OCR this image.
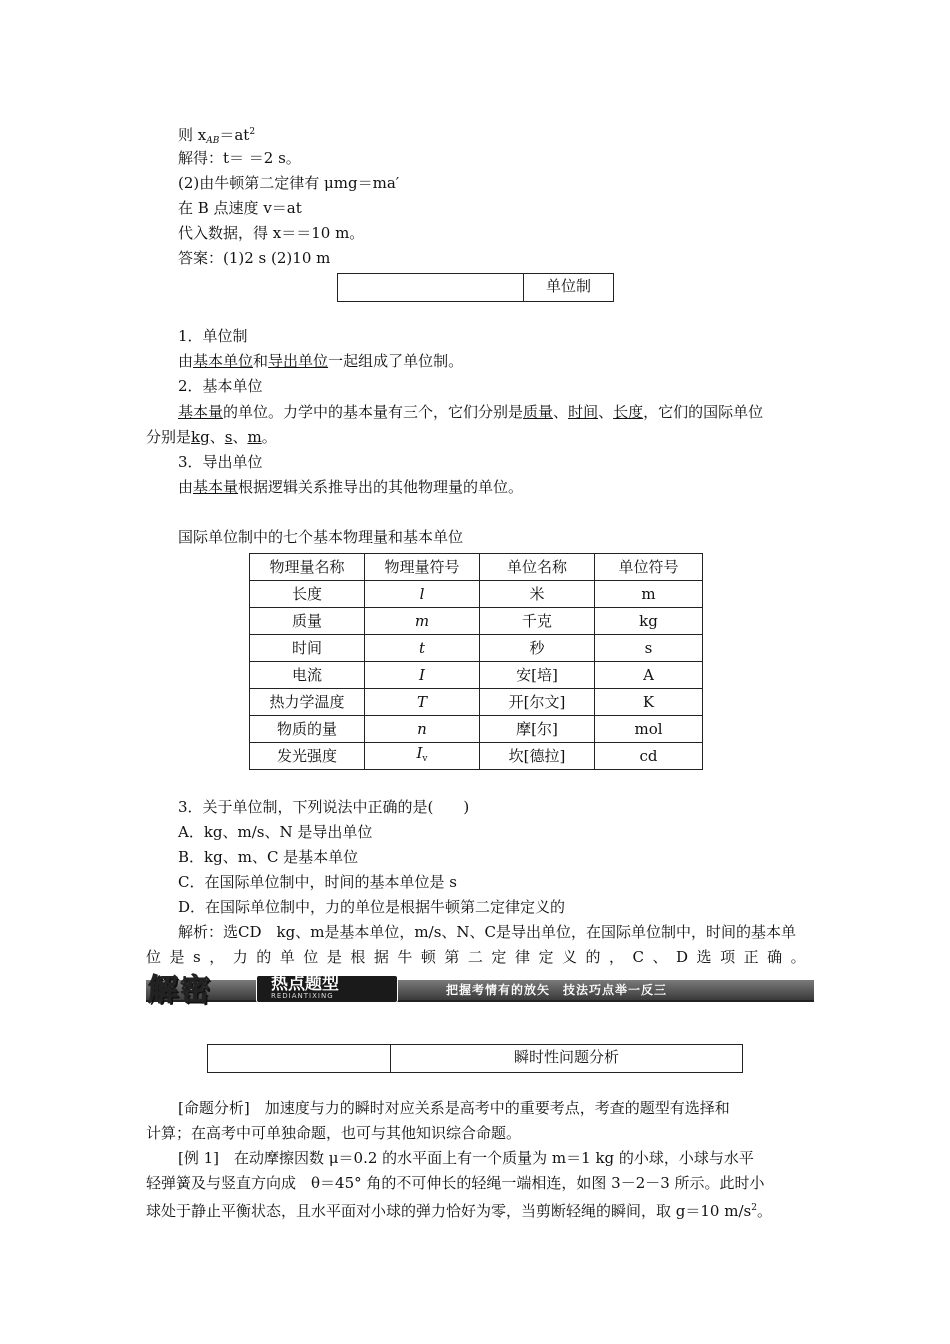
则 $x_{AB}=at^2$
解得：t＝ ＝2 s。
(2)由牛顿第二定律有 μmg＝ma′
在 B 点速度 v＝at
代入数据，得 x＝＝10 m。
答案：(1)2 s (2)10 m
单位制
1．单位制
由基本单位和导出单位一起组成了单位制。
2．基本单位
基本量的单位。力学中的基本量有三个，它们分别是质量、时间、长度，它们的国际单位
分别是kg、s、m。
3．导出单位
由基本量根据逻辑关系推导出的其他物理量的单位。
国际单位制中的七个基本物理量和基本单位
物理量名称	物理量符号	单位名称	单位符号
长度	l	米	m
质量	m	千克	kg
时间	t	秒	s
电流	I	安[培]	A
热力学温度	T	开[尔文]	K
物质的量	n	摩[尔]	mol
发光强度	$I_v$	坎[德拉]	cd
3．关于单位制，下列说法中正确的是(　　)
A．kg、m/s、N 是导出单位
B．kg、m、C 是基本单位
C．在国际单位制中，时间的基本单位是 s
D．在国际单位制中，力的单位是根据牛顿第二定律定义的
解析：选CD　kg、m是基本单位，m/s、N、C是导出单位，在国际单位制中，时间的基本单
位 是 s ， 力 的 单 位 是 根 据 牛 顿 第 二 定 律 定 义 的 ， C 、 D 选 项 正 确 。
解密	热点题型
REDIANTIXING	把握考情有的放矢　技法巧点举一反三
瞬时性问题分析
[命题分析]　加速度与力的瞬时对应关系是高考中的重要考点，考查的题型有选择和
计算；在高考中可单独命题，也可与其他知识综合命题。
[例 1]　在动摩擦因数 μ＝0.2 的水平面上有一个质量为 m＝1 kg 的小球，小球与水平
轻弹簧及与竖直方向成　θ＝45° 角的不可伸长的轻绳一端相连，如图 3－2－3 所示。此时小
球处于静止平衡状态，且水平面对小球的弹力恰好为零，当剪断轻绳的瞬间，取 g＝10 $m/s^2$。
